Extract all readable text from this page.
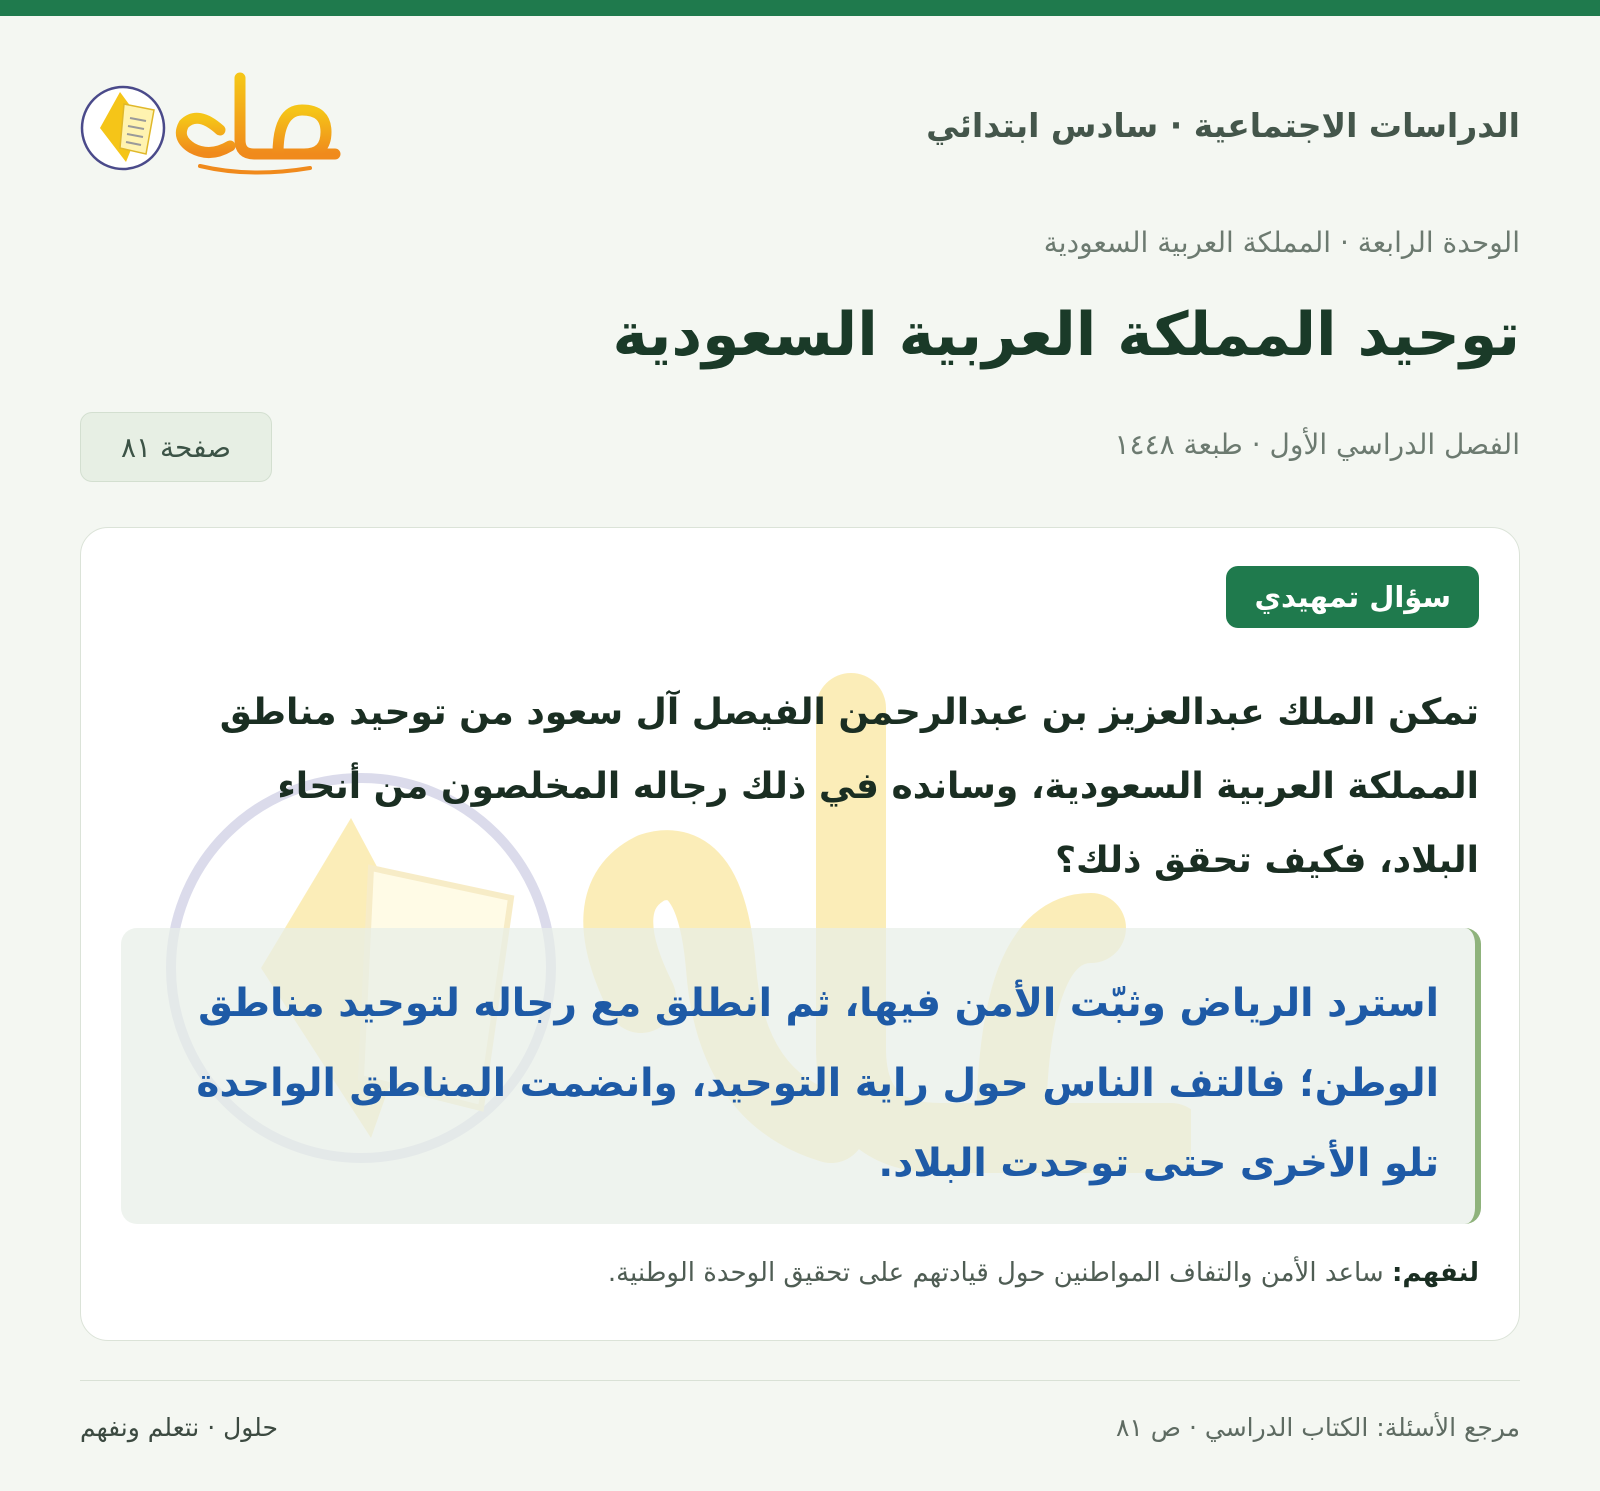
الدراسات الاجتماعية · سادس ابتدائي
الوحدة الرابعة · المملكة العربية السعودية
توحيد المملكة العربية السعودية
الفصل الدراسي الأول · طبعة ١٤٤٨
صفحة ٨١
سؤال تمهيدي

تمكن الملك عبدالعزيز بن عبدالرحمن الفيصل آل سعود من توحيد مناطق المملكة العربية السعودية، وسانده في ذلك رجاله المخلصون من أنحاء البلاد، فكيف تحقق ذلك؟

استرد الرياض وثبّت الأمن فيها، ثم انطلق مع رجاله لتوحيد مناطق الوطن؛ فالتف الناس حول راية التوحيد، وانضمت المناطق الواحدة تلو الأخرى حتى توحدت البلاد.

لنفهم: ساعد الأمن والتفاف المواطنين حول قيادتهم على تحقيق الوحدة الوطنية.

مرجع الأسئلة: الكتاب الدراسي · ص ٨١
حلول · نتعلم ونفهم
